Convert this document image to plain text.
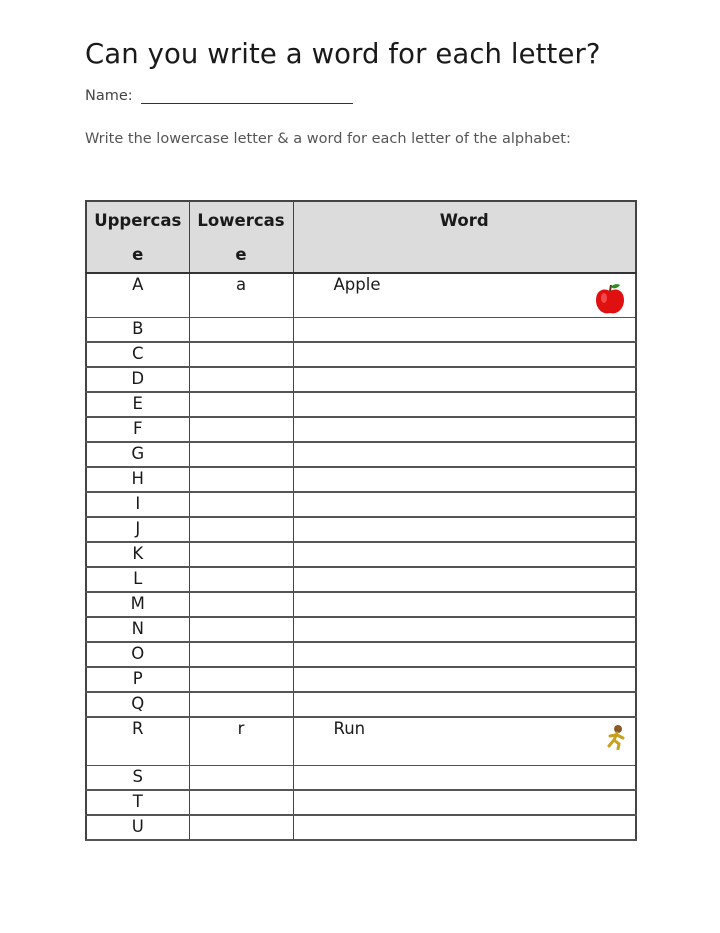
Can you write a word for each letter?
Name:
Write the lowercase letter & a word for each letter of the alphabet:
Uppercase	Lowercase	Word
A	a	Apple

B		
C		
D		
E		
F		
G		
H		
I		
J		
K		
L		
M		
N		
O		
P		
Q		
R	r	Run

S		
T		
U		
